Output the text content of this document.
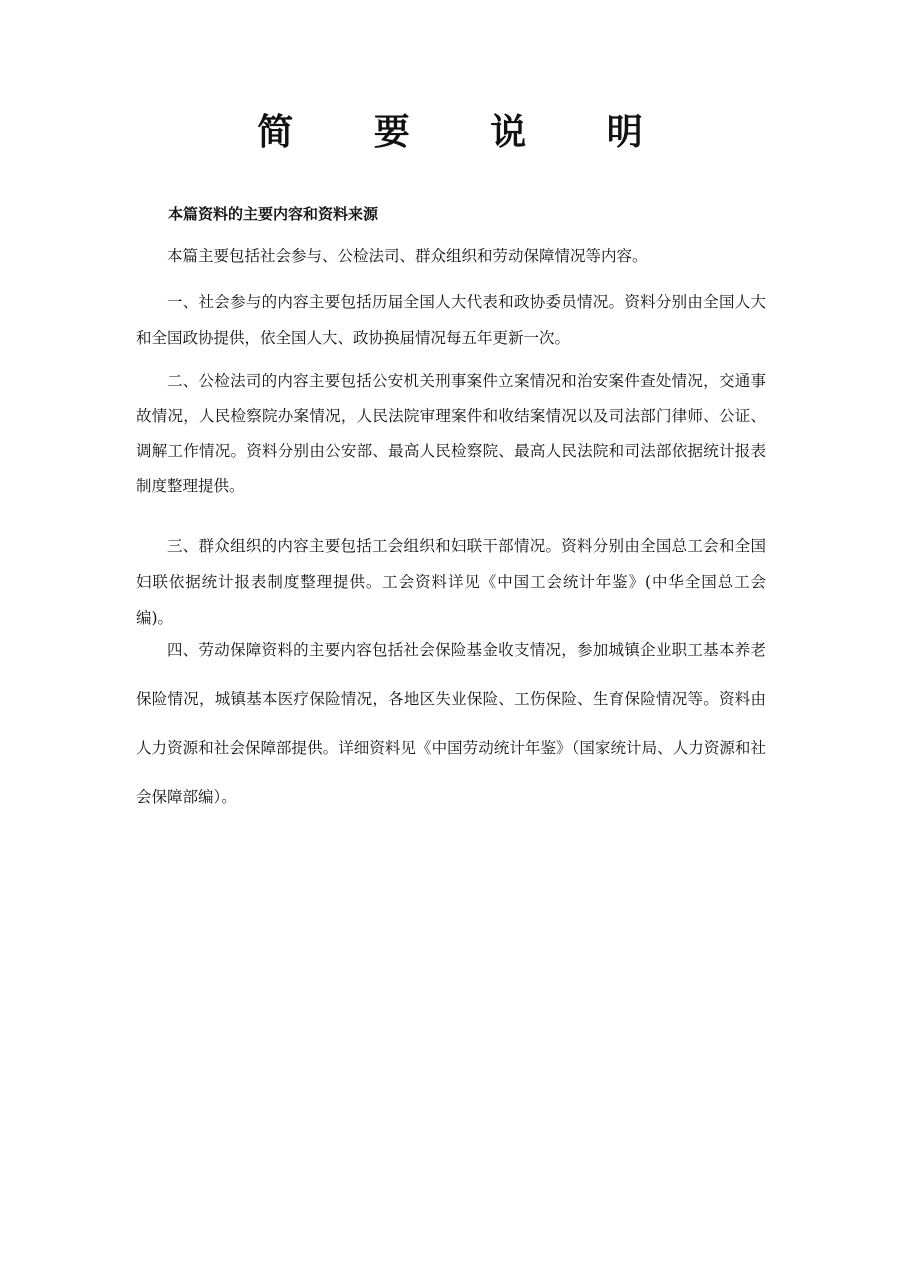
简 要 说 明
本篇资料的主要内容和资料来源

本篇主要包括社会参与、公检法司、群众组织和劳动保障情况等内容。

一、社会参与的内容主要包括历届全国人大代表和政协委员情况。资料分别由全国人大和全国政协提供，依全国人大、政协换届情况每五年更新一次。

二、公检法司的内容主要包括公安机关刑事案件立案情况和治安案件查处情况，交通事故情况，人民检察院办案情况，人民法院审理案件和收结案情况以及司法部门律师、公证、调解工作情况。资料分别由公安部、最高人民检察院、最高人民法院和司法部依据统计报表制度整理提供。

三、群众组织的内容主要包括工会组织和妇联干部情况。资料分别由全国总工会和全国妇联依据统计报表制度整理提供。工会资料详见《中国工会统计年鉴》(中华全国总工会编)。

四、劳动保障资料的主要内容包括社会保险基金收支情况，参加城镇企业职工基本养老保险情况，城镇基本医疗保险情况，各地区失业保险、工伤保险、生育保险情况等。资料由人力资源和社会保障部提供。详细资料见《中国劳动统计年鉴》（国家统计局、人力资源和社会保障部编）。
